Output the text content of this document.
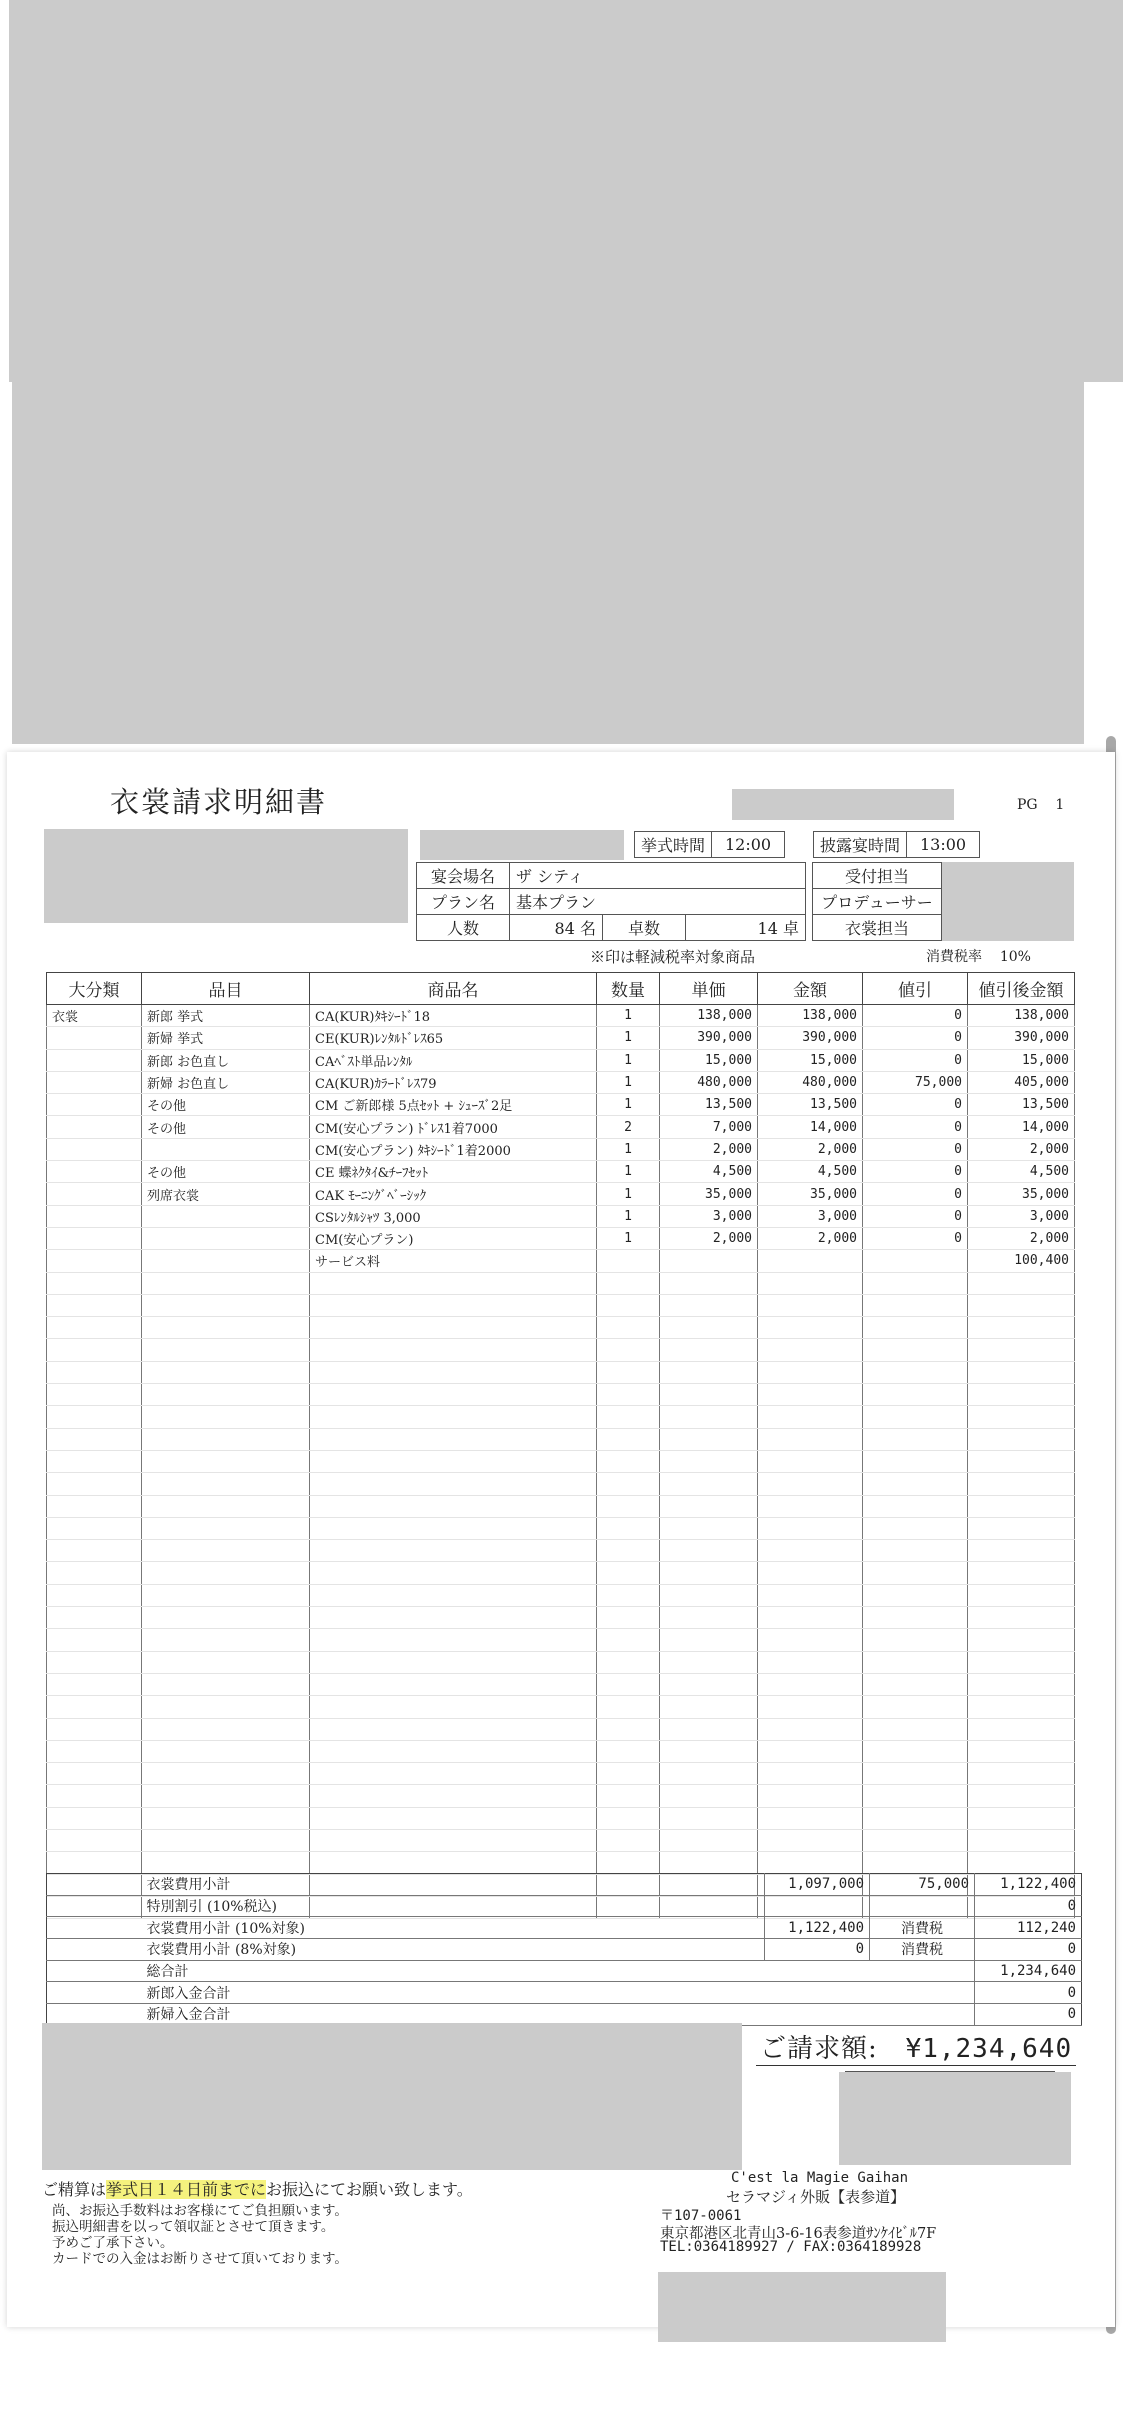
衣裳請求明細書	PG 1
挙式時間	12:00	披露宴時間	13:00
宴会場名	ザ シティ		
プラン名	基本プラン		
人数	84 名	卓数	14 卓
受付担当	
プロデューサー	
衣裳担当	
※印は軽減税率対象商品	消費税率 10%
大分類	品目	商品名	数量	単価	金額	値引	値引後金額
衣裳	新郎 挙式	CA(KUR)ﾀｷｼｰﾄﾞ18	1	138,000	138,000	0	138,000
	新婦 挙式	CE(KUR)ﾚﾝﾀﾙﾄﾞﾚｽ65	1	390,000	390,000	0	390,000
	新郎 お色直し	CAﾍﾞｽﾄ単品ﾚﾝﾀﾙ	1	15,000	15,000	0	15,000
	新婦 お色直し	CA(KUR)ｶﾗｰﾄﾞﾚｽ79	1	480,000	480,000	75,000	405,000
	その他	CM ご新郎様 5点ｾｯﾄ + ｼｭｰｽﾞ2足	1	13,500	13,500	0	13,500
	その他	CM(安心プラン) ﾄﾞﾚｽ1着7000	2	7,000	14,000	0	14,000
		CM(安心プラン) ﾀｷｼｰﾄﾞ1着2000	1	2,000	2,000	0	2,000
	その他	CE 蝶ﾈｸﾀｲ&ﾁｰﾌｾｯﾄ	1	4,500	4,500	0	4,500
	列席衣裳	CAK ﾓｰﾆﾝｸﾞﾍﾞｰｼｯｸ	1	35,000	35,000	0	35,000
		CSﾚﾝﾀﾙｼｬﾂ 3,000	1	3,000	3,000	0	3,000
		CM(安心プラン)	1	2,000	2,000	0	2,000
		サービス料					100,400

	衣裳費用小計	1,097,000	75,000	1,122,400
	特別割引 (10%税込)			0
	衣裳費用小計 (10%対象)	1,122,400	消費税	112,240
	衣裳費用小計 (8%対象)	0	消費税	0
	総合計			1,234,640
	新郎入金合計			0
	新婦入金合計			0
ご請求額: ¥1,234,640
ご精算は挙式日１４日前までにお振込にてお願い致します。
尚、お振込手数料はお客様にてご負担願います。
振込明細書を以って領収証とさせて頂きます。
予めご了承下さい。
カードでの入金はお断りさせて頂いております。
C'est la Magie Gaihan
セラマジィ外販【表参道】
〒107-0061
東京都港区北青山3-6-16表参道ｻﾝｹｲﾋﾞﾙ7F
TEL:0364189927 / FAX:0364189928
